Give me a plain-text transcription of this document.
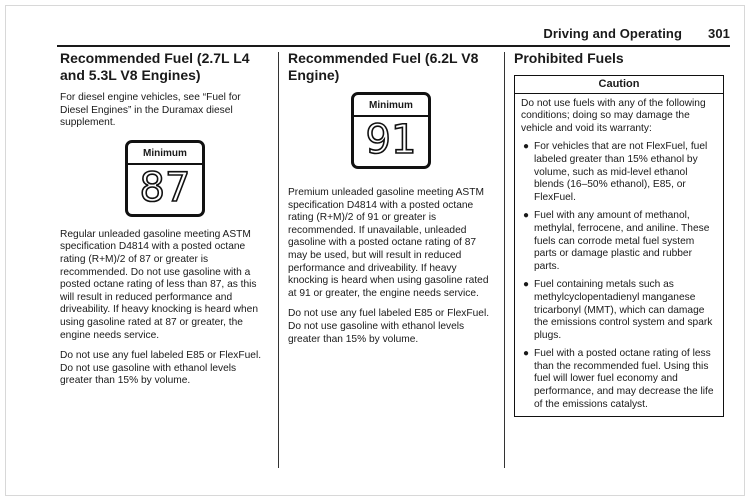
Driving and Operating 301
Recommended Fuel (2.7L L4 and 5.3L V8 Engines)

For diesel engine vehicles, see “Fuel for Diesel Engines” in the Duramax diesel supplement.

Minimum
87

Regular unleaded gasoline meeting ASTM specification D4814 with a posted octane rating (R+M)/2 of 87 or greater is recommended. Do not use gasoline with a posted octane rating of less than 87, as this will result in reduced performance and driveability. If heavy knocking is heard when using gasoline rated at 87 or greater, the engine needs service.

Do not use any fuel labeled E85 or FlexFuel. Do not use gasoline with ethanol levels greater than 15% by volume.

Recommended Fuel (6.2L V8 Engine)
Minimum
91

Premium unleaded gasoline meeting ASTM specification D4814 with a posted octane rating (R+M)/2 of 91 or greater is recommended. If unavailable, unleaded gasoline with a posted octane rating of 87 may be used, but will result in reduced performance and driveability. If heavy knocking is heard when using gasoline rated at 91 or greater, the engine needs service.

Do not use any fuel labeled E85 or FlexFuel. Do not use gasoline with ethanol levels greater than 15% by volume.

Prohibited Fuels
Caution

Do not use fuels with any of the following conditions; doing so may damage the vehicle and void its warranty:

● For vehicles that are not FlexFuel, fuel labeled greater than 15% ethanol by volume, such as mid-level ethanol blends (16–50% ethanol), E85, or FlexFuel.
● Fuel with any amount of methanol, methylal, ferrocene, and aniline. These fuels can corrode metal fuel system parts or damage plastic and rubber parts.
● Fuel containing metals such as methylcyclopentadienyl manganese tricarbonyl (MMT), which can damage the emissions control system and spark plugs.
● Fuel with a posted octane rating of less than the recommended fuel. Using this fuel will lower fuel economy and performance, and may decrease the life of the emissions catalyst.
